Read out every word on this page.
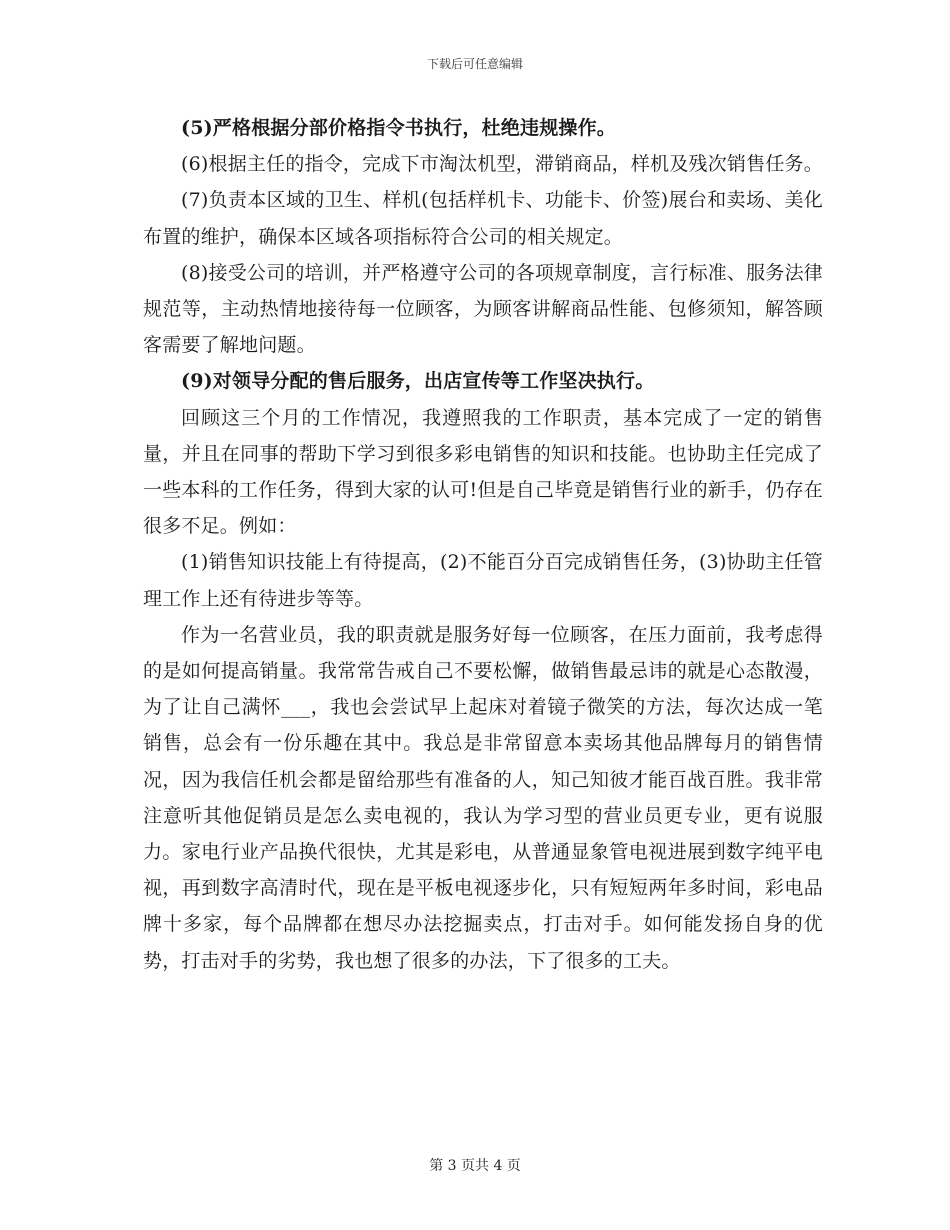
下载后可任意编辑

(5)严格根据分部价格指令书执行，杜绝违规操作。

(6)根据主任的指令，完成下市淘汰机型，滞销商品，样机及残次销售任务。

(7)负责本区域的卫生、样机(包括样机卡、功能卡、价签)展台和卖场、美化布置的维护，确保本区域各项指标符合公司的相关规定。

(8)接受公司的培训，并严格遵守公司的各项规章制度，言行标准、服务法律规范等，主动热情地接待每一位顾客，为顾客讲解商品性能、包修须知，解答顾客需要了解地问题。

(9)对领导分配的售后服务，出店宣传等工作坚决执行。

回顾这三个月的工作情况，我遵照我的工作职责，基本完成了一定的销售量，并且在同事的帮助下学习到很多彩电销售的知识和技能。也协助主任完成了一些本科的工作任务，得到大家的认可!但是自己毕竟是销售行业的新手，仍存在很多不足。例如：

(1)销售知识技能上有待提高，(2)不能百分百完成销售任务，(3)协助主任管理工作上还有待进步等等。

作为一名营业员，我的职责就是服务好每一位顾客，在压力面前，我考虑得的是如何提高销量。我常常告戒自己不要松懈，做销售最忌讳的就是心态散漫，为了让自己满怀___，我也会尝试早上起床对着镜子微笑的方法，每次达成一笔销售，总会有一份乐趣在其中。我总是非常留意本卖场其他品牌每月的销售情况，因为我信任机会都是留给那些有准备的人，知己知彼才能百战百胜。我非常注意听其他促销员是怎么卖电视的，我认为学习型的营业员更专业，更有说服力。家电行业产品换代很快，尤其是彩电，从普通显象管电视进展到数字纯平电视，再到数字高清时代，现在是平板电视逐步化，只有短短两年多时间，彩电品牌十多家，每个品牌都在想尽办法挖掘卖点，打击对手。如何能发扬自身的优势，打击对手的劣势，我也想了很多的办法，下了很多的工夫。

第 3 页共 4 页
